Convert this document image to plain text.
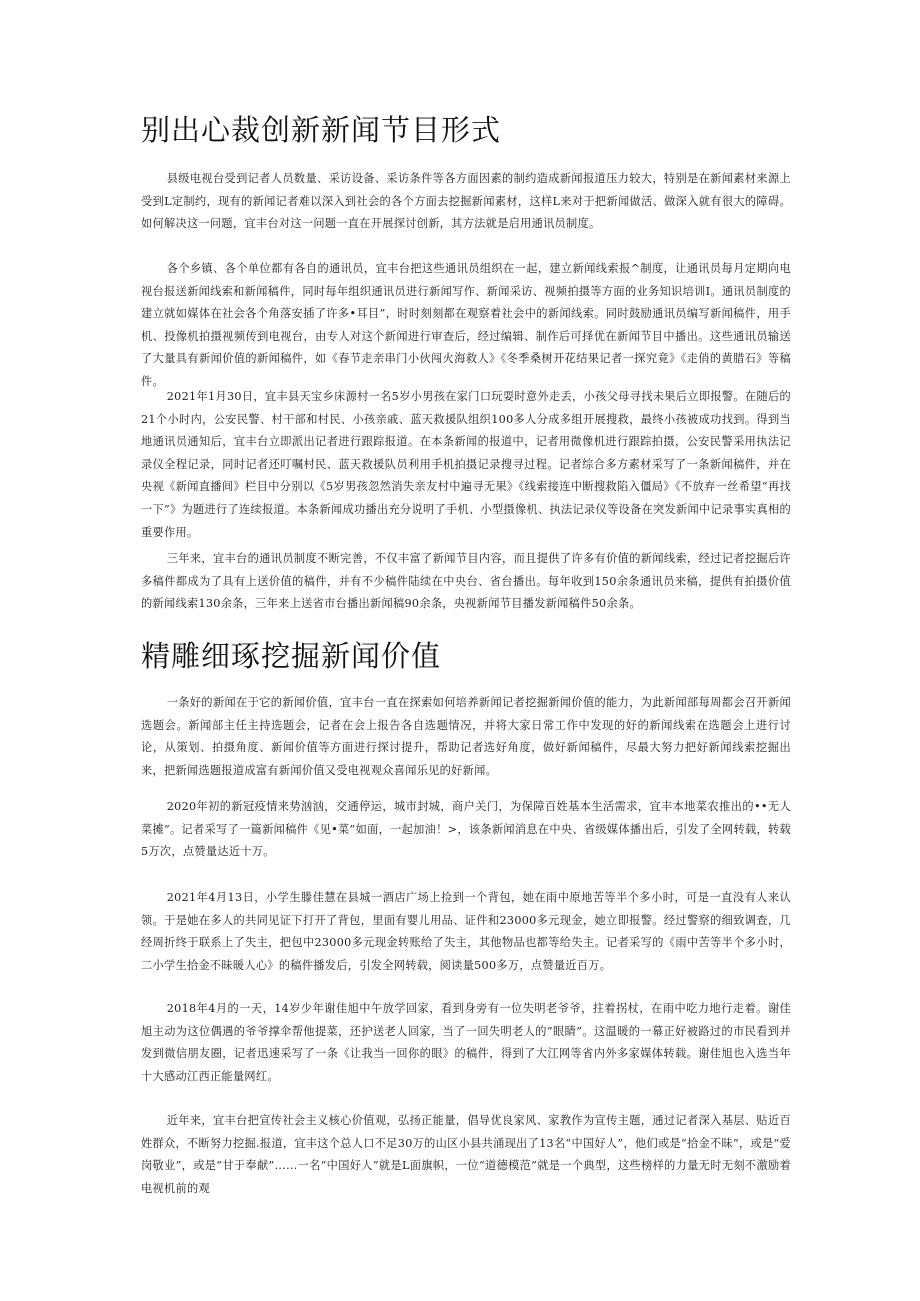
别出心裁创新新闻节目形式

县级电视台受到记者人员数量、采访设备、采访条件等各方面因素的制约造成新闻报道压力较大，特别是在新闻素材来源上受到L定制约，现有的新闻记者难以深入到社会的各个方面去挖掘新闻素材，这样L来对于把新闻做活、做深入就有很大的障碍。如何解决这一问题，宜丰台对这一问题一直在开展探讨创新，其方法就是启用通讯员制度。

各个乡镇、各个单位都有各自的通讯员，宜丰台把这些通讯员组织在一起，建立新闻线索报^制度，让通讯员每月定期向电视台报送新闻线索和新闻稿件，同时每年组织通讯员进行新闻写作、新闻采访、视频拍摄等方面的业务知识培训Ⅰ。通讯员制度的建立就如媒体在社会各个角落安插了许多•耳目”，时时刻刻都在观察着社会中的新闻线索。同时鼓励通讯员编写新闻稿件，用手机、投像机拍摄视频传到电视台，由专人对这个新闻进行审查后，经过编辑、制作后可择优在新闻节目中播出。这些通讯员输送了大量具有新闻价值的新闻稿件，如《春节走亲串门小伙闯火海救人》《冬季桑树开花结果记者一探究竟》《走俏的黄腊石》等稿件。

2021年1月30日，宜丰县天宝乡床源村一名5岁小男孩在家门口玩耍时意外走丢，小孩父母寻找未果后立即报警。在随后的21个小时内，公安民警、村干部和村民、小孩亲戚、蓝天救援队组织100多人分成多组开展搜救，最终小孩被成功找到。得到当地通讯员通知后，宜丰台立即派出记者进行跟踪报道。在本条新闻的报道中，记者用微像机进行跟踪拍摄，公安民警采用执法记录仪全程记录，同时记者还叮嘱村民、蓝天救援队员利用手机拍摄记录搜寻过程。记者综合多方素材采写了一条新闻稿件，并在央视《新闻直播间》栏目中分别以《5岁男孩忽然消失亲友村中遍寻无果》《线索接连中断搜救陷入僵局》《不放弃一丝希望“再找一下”》为题进行了连续报道。本条新闻成功播出充分说明了手机、小型摄像机、执法记录仪等设备在突发新闻中记录事实真相的重要作用。

三年来，宜丰台的通讯员制度不断完善，不仅丰富了新闻节目内容，而且提供了许多有价值的新闻线索，经过记者挖掘后许多稿件都成为了具有上送价值的稿件，并有不少稿件陆续在中央台、省台播出。每年收到150余条通讯员来稿，提供有拍摄价值的新闻线索130余条，三年来上送省市台播出新闻稿90余条，央视新闻节目播发新闻稿件50余条。

精雕细琢挖掘新闻价值

一条好的新闻在于它的新闻价值，宜丰台一直在探索如何培养新闻记者挖掘新闻价值的能力，为此新闻部每周都会召开新闻选题会。新闻部主任主持选题会，记者在会上报告各自选题情况，并将大家日常工作中发现的好的新闻线索在选题会上进行讨论，从策划、拍摄角度、新闻价值等方面进行探讨提升，帮助记者选好角度，做好新闻稿件，尽最大努力把好新闻线索挖掘出来，把新闻选题报道成富有新闻价值又受电视观众喜闻乐见的好新闻。

2020年初的新冠疫情来势汹汹，交通停运，城市封城，商户关门，为保障百姓基本生活需求，宜丰本地菜农推出的••无人菜摊”。记者采写了一篇新闻稿件《见•菜”如面，一起加油！>，该条新闻消息在中央、省级媒体播出后，引发了全网转载，转载5万次，点赞量达近十万。

2021年4月13日，小学生滕佳慧在县城一酒店广场上捡到一个背包，她在雨中原地苦等半个多小时，可是一直没有人来认领。于是她在多人的共同见证下打开了背包，里面有婴儿用品、证件和23000多元现金，她立即报警。经过警察的细致调查，几经周折终于联系上了失主，把包中23000多元现金转账给了失主，其他物品也都等给失主。记者采写的《雨中苦等半个多小时，二小学生拾金不昧暖人心》的稿件播发后，引发全网转载，阅读量500多万，点赞量近百万。

2018年4月的一天，14岁少年谢佳旭中午放学回家，看到身旁有一位失明老爷爷，拄着拐杖，在雨中吃力地行走着。谢佳旭主动为这位偶遇的爷爷撑伞帮他提菜，还护送老人回家，当了一回失明老人的”眼睛”。这温暖的一幕正好被路过的市民看到并发到微信朋友圈，记者迅速采写了一条《让我当一回你的眼》的稿件，得到了大江网等省内外多家媒体转载。谢佳旭也入选当年十大感动江西正能量网红。

近年来，宜丰台把宣传社会主义核心价值观，弘扬正能量，倡导优良家风、家教作为宣传主题，通过记者深入基层、贴近百姓群众，不断努力挖掘.报道，宜丰这个总人口不足30万的山区小县共涌现出了13名“中国好人”，他们或是“拾金不昧”，或是“爱岗敬业”，或是“甘于奉献”……一名“中国好人”就是L面旗帜，一位“道德模范”就是一个典型，这些榜样的力量无时无刻不激励着电视机前的观
